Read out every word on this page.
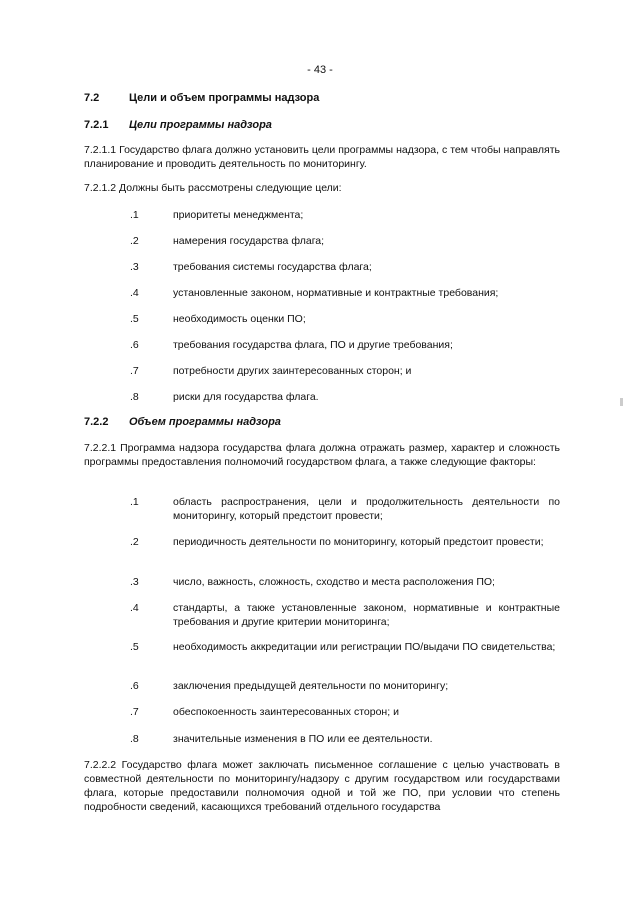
- 43 -
7.2	Цели и объем программы надзора
7.2.1 Цели программы надзора
7.2.1.1 Государство флага должно установить цели программы надзора, с тем чтобы направлять планирование и проводить деятельность по мониторингу.
7.2.1.2 Должны быть рассмотрены следующие цели:
.1	приоритеты менеджмента;
.2	намерения государства флага;
.3	требования системы государства флага;
.4	установленные законом, нормативные и контрактные требования;
.5	необходимость оценки ПО;
.6	требования государства флага, ПО и другие требования;
.7	потребности других заинтересованных сторон; и
.8	риски для государства флага.
7.2.2 Объем программы надзора
7.2.2.1 Программа надзора государства флага должна отражать размер, характер и сложность программы предоставления полномочий государством флага, а также следующие факторы:
.1	область распространения, цели и продолжительность деятельности по мониторингу, который предстоит провести;
.2	периодичность деятельности по мониторингу, который предстоит провести;
.3	число, важность, сложность, сходство и места расположения ПО;
.4	стандарты, а также установленные законом, нормативные и контрактные требования и другие критерии мониторинга;
.5	необходимость аккредитации или регистрации ПО/выдачи ПО свидетельства;
.6	заключения предыдущей деятельности по мониторингу;
.7	обеспокоенность заинтересованных сторон; и
.8	значительные изменения в ПО или ее деятельности.
7.2.2.2 Государство флага может заключать письменное соглашение с целью участвовать в совместной деятельности по мониторингу/надзору с другим государством или государствами флага, которые предоставили полномочия одной и той же ПО, при условии что степень подробности сведений, касающихся требований отдельного государства
